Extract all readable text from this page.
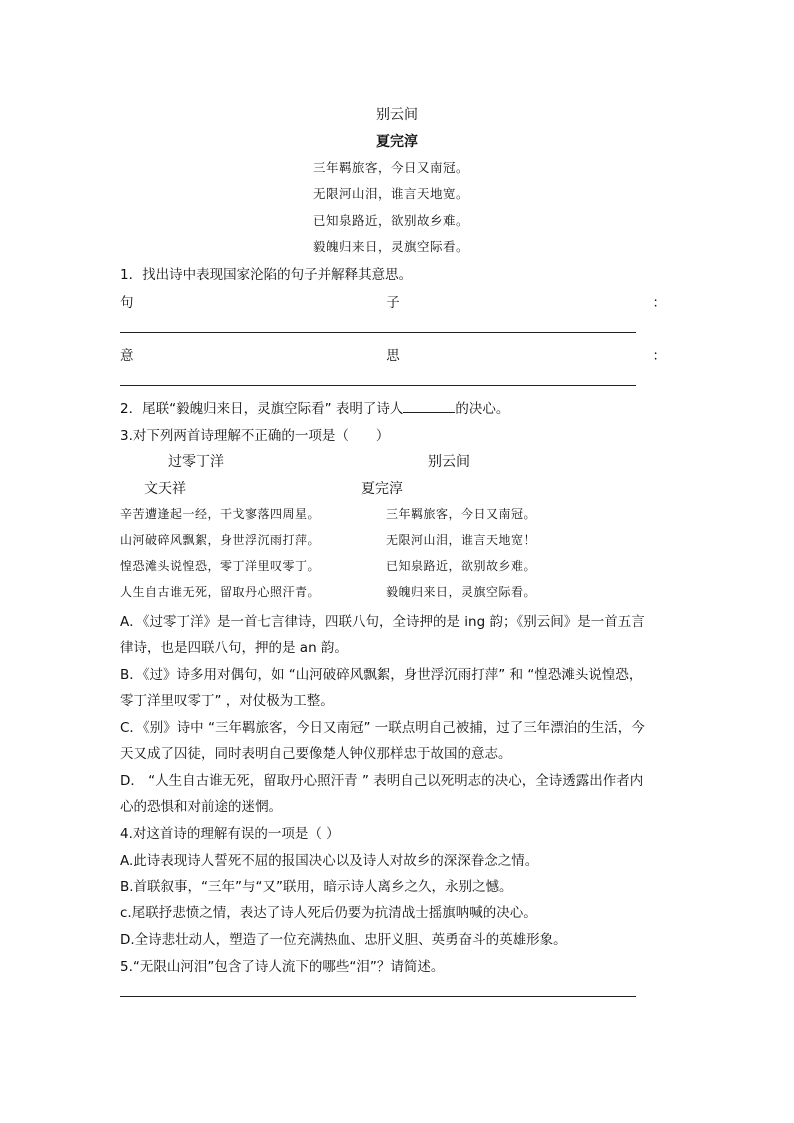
别云间
夏完淳
三年羁旅客，今日又南冠。
无限河山泪，谁言天地宽。
已知泉路近，欲别故乡难。
毅魄归来日，灵旗空际看。
1．找出诗中表现国家沦陷的句子并解释其意思。
句	子	：
意	思	：
2．尾联“毅魄归来日，灵旗空际看” 表明了诗人	的决心。
3.对下列两首诗理解不正确的一项是（　　）
过零丁洋	别云间
文天祥	夏完淳
辛苦遭逢起一经，干戈寥落四周星。	三年羁旅客，今日又南冠。
山河破碎风飘絮，身世浮沉雨打萍。	无限河山泪，谁言天地宽！
惶恐滩头说惶恐，零丁洋里叹零丁。	已知泉路近，欲别故乡难。
人生自古谁无死，留取丹心照汗青。	毅魄归来日，灵旗空际看。
A．《过零丁洋》是一首七言律诗，四联八句，全诗押的是 ing 韵；《别云间》是一首五言
律诗，也是四联八句，押的是 an 韵。
B．《过》诗多用对偶句，如 “山河破碎风飘絮，身世浮沉雨打萍” 和 “惶恐滩头说惶恐，
零丁洋里叹零丁” ，对仗极为工整。
C．《别》诗中 “三年羁旅客，今日又南冠” 一联点明自己被捕，过了三年漂泊的生活，今
天又成了囚徒，同时表明自己要像楚人钟仪那样忠于故国的意志。
D． “人生自古谁无死，留取丹心照汗青 ” 表明自己以死明志的决心，全诗透露出作者内
心的恐惧和对前途的迷惘。
4.对这首诗的理解有误的一项是（ ）
A.此诗表现诗人誓死不屈的报国决心以及诗人对故乡的深深眷念之情。
B.首联叙事，“三年”与“又”联用，暗示诗人离乡之久，永别之憾。
c.尾联抒悲愤之情，表达了诗人死后仍要为抗清战士摇旗呐喊的决心。
D.全诗悲壮动人，塑造了一位充满热血、忠肝义胆、英勇奋斗的英雄形象。
5.“无限山河泪”包含了诗人流下的哪些“泪”？请简述。
